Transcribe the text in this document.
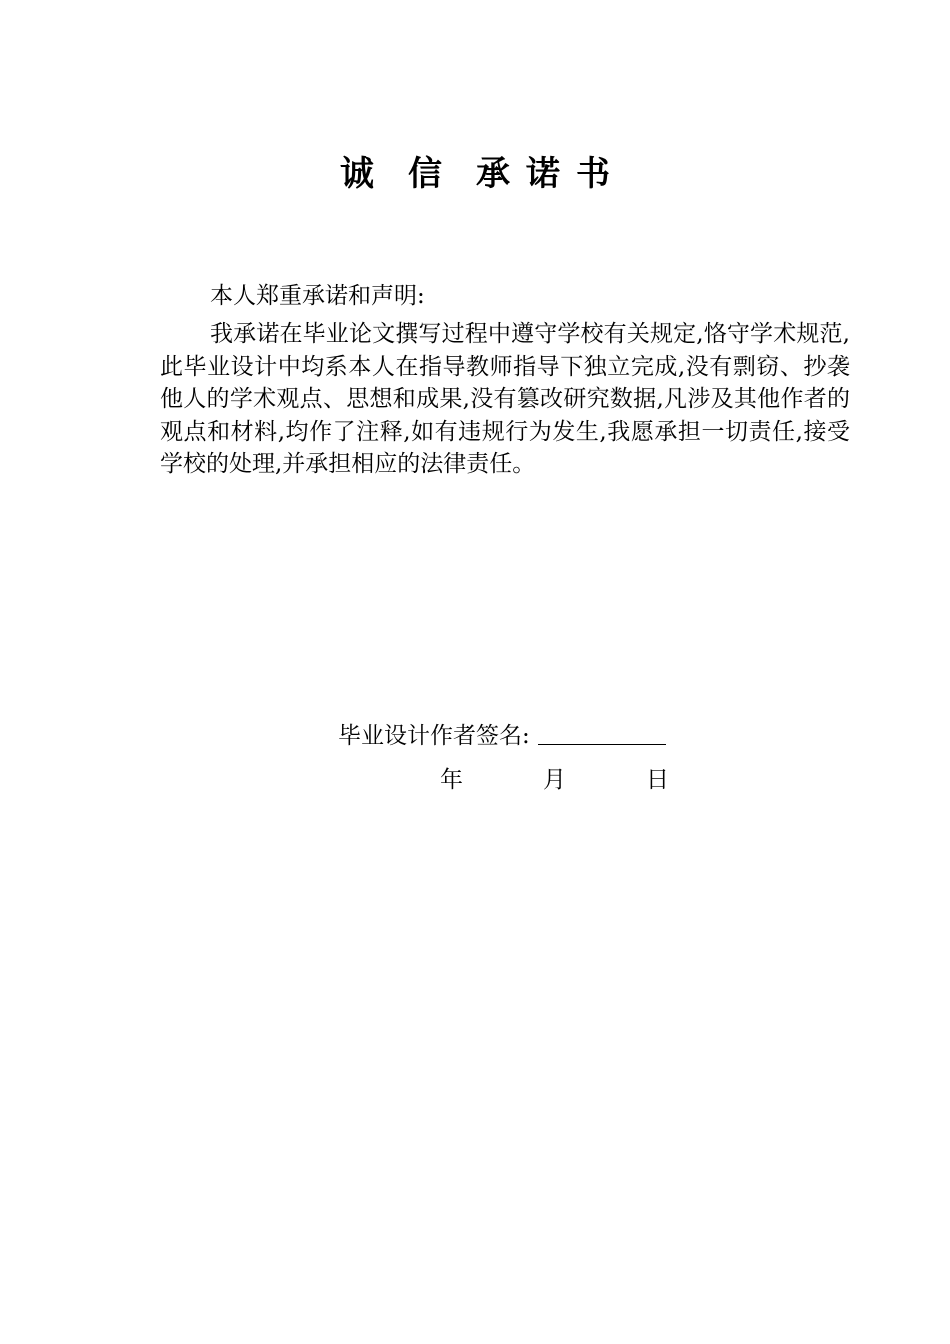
诚 信 承 诺 书

本人郑重承诺和声明:

我承诺在毕业论文撰写过程中遵守学校有关规定,恪守学术规范,此毕业设计中均系本人在指导教师指导下独立完成,没有剽窃、抄袭他人的学术观点、思想和成果,没有篡改研究数据,凡涉及其他作者的观点和材料,均作了注释,如有违规行为发生,我愿承担一切责任,接受学校的处理,并承担相应的法律责任。

毕业设计作者签名:
年	月	日
